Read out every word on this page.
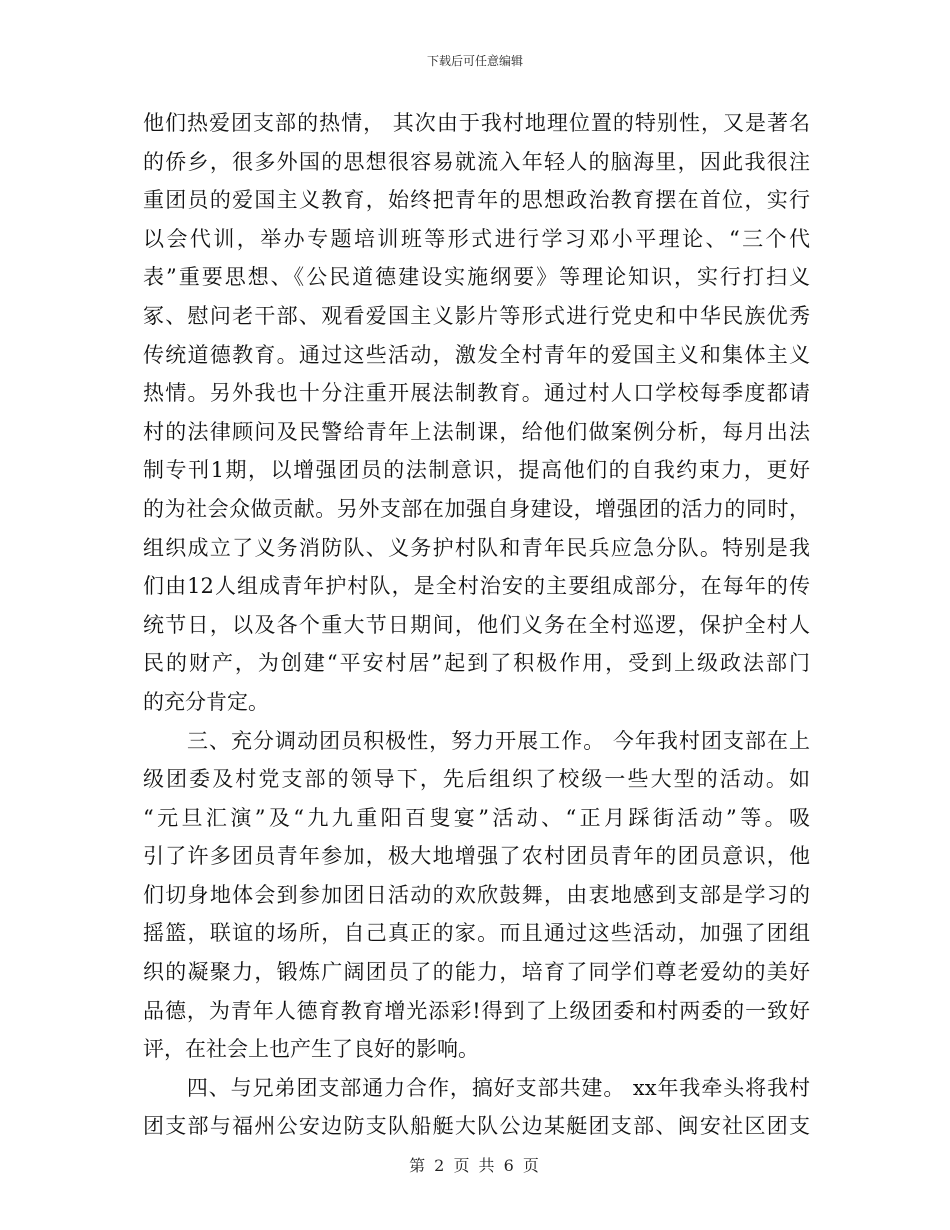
下载后可任意编辑
他们热爱团支部的热情， 其次由于我村地理位置的特别性，又是著名
的侨乡，很多外国的思想很容易就流入年轻人的脑海里，因此我很注
重团员的爱国主义教育，始终把青年的思想政治教育摆在首位，实行
以会代训，举办专题培训班等形式进行学习邓小平理论、“三个代
表”重要思想、《公民道德建设实施纲要》等理论知识，实行打扫义
冢、慰问老干部、观看爱国主义影片等形式进行党史和中华民族优秀
传统道德教育。通过这些活动，激发全村青年的爱国主义和集体主义
热情。另外我也十分注重开展法制教育。通过村人口学校每季度都请
村的法律顾问及民警给青年上法制课，给他们做案例分析，每月出法
制专刊1期，以增强团员的法制意识，提高他们的自我约束力，更好
的为社会众做贡献。另外支部在加强自身建设，增强团的活力的同时，
组织成立了义务消防队、义务护村队和青年民兵应急分队。特别是我
们由12人组成青年护村队，是全村治安的主要组成部分，在每年的传
统节日，以及各个重大节日期间，他们义务在全村巡逻，保护全村人
民的财产，为创建“平安村居”起到了积极作用，受到上级政法部门
的充分肯定。
　　三、充分调动团员积极性，努力开展工作。 今年我村团支部在上
级团委及村党支部的领导下，先后组织了校级一些大型的活动。如
“元旦汇演”及“九九重阳百叟宴”活动、“正月踩街活动”等。吸
引了许多团员青年参加，极大地增强了农村团员青年的团员意识，他
们切身地体会到参加团日活动的欢欣鼓舞，由衷地感到支部是学习的
摇篮，联谊的场所，自己真正的家。而且通过这些活动，加强了团组
织的凝聚力，锻炼广阔团员了的能力，培育了同学们尊老爱幼的美好
品德，为青年人德育教育增光添彩!得到了上级团委和村两委的一致好
评，在社会上也产生了良好的影响。
　　四、与兄弟团支部通力合作，搞好支部共建。 xx年我牵头将我村
团支部与福州公安边防支队船艇大队公边某艇团支部、闽安社区团支
第 2 页 共 6 页
